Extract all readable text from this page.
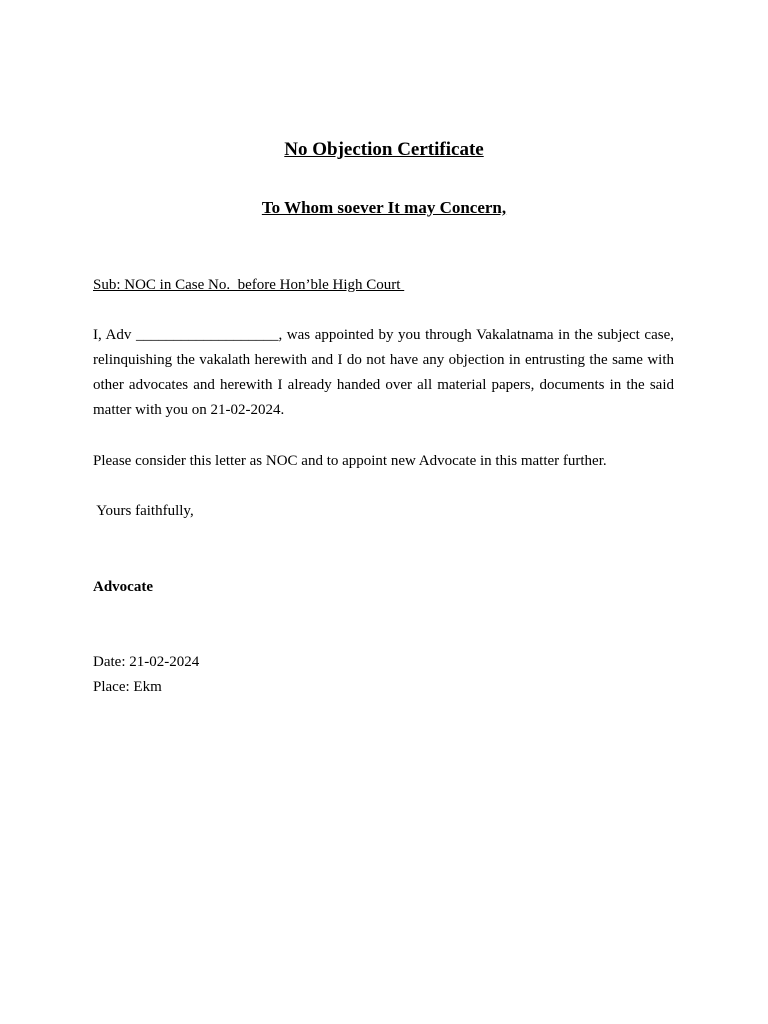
No Objection Certificate
To Whom soever It may Concern,
Sub: NOC in Case No.  before Hon’ble High Court

I, Adv ___________________, was appointed by you through Vakalatnama in the subject case, relinquishing the vakalath herewith and I do not have any objection in entrusting the same with other advocates and herewith I already handed over all material papers, documents in the said matter with you on 21-02-2024.

Please consider this letter as NOC and to appoint new Advocate in this matter further.
Yours faithfully,
Advocate
Date: 21-02-2024
Place: Ekm
